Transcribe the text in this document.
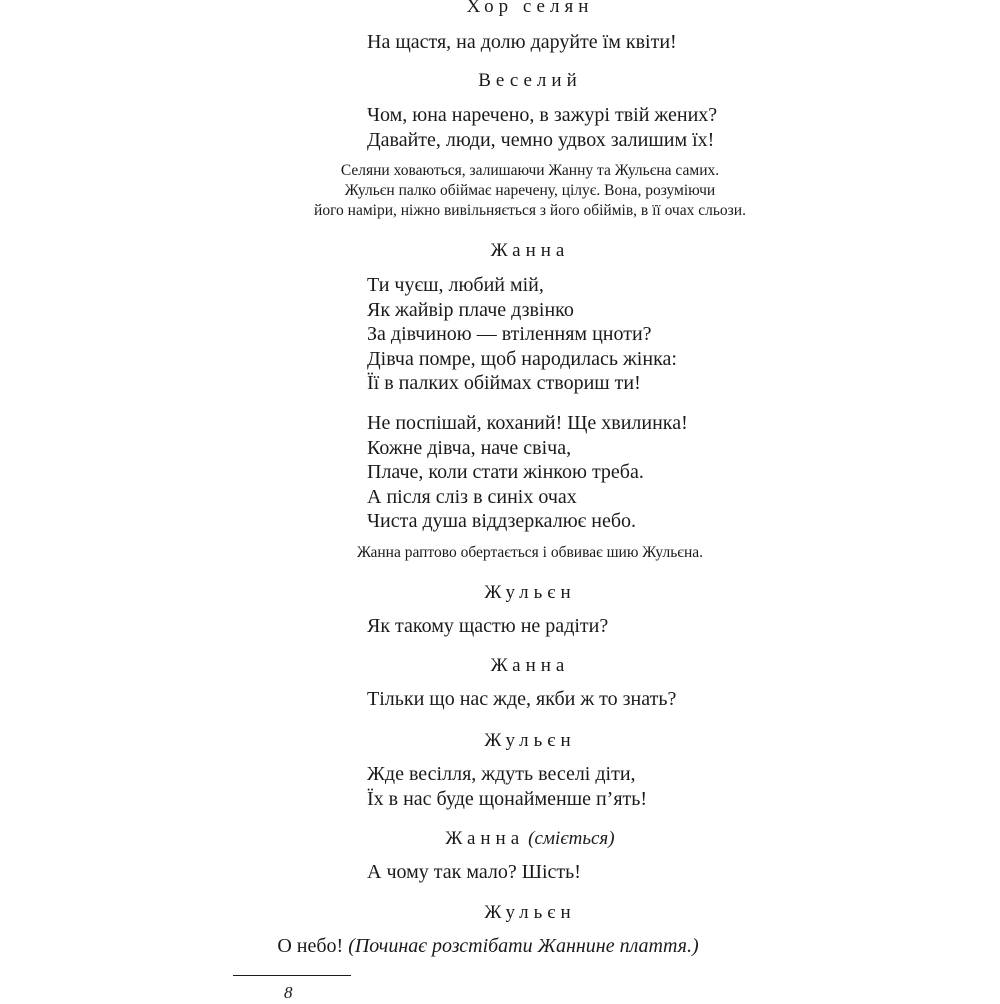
Хор селян
На щастя, на долю даруйте їм квіти!
Веселий
Чом, юна наречено, в зажурі твій жених?
Давайте, люди, чемно удвох залишим їх!
Селяни ховаються, залишаючи Жанну та Жульєна самих.
Жульєн палко обіймає наречену, цілує. Вона, розуміючи
його наміри, ніжно вивільняється з його обіймів, в її очах сльози.
Жанна
Ти чуєш, любий мій,
Як жайвір плаче дзвінко
За дівчиною — втіленням цноти?
Дівча помре, щоб народилась жінка:
Її в палких обіймах створиш ти!
Не поспішай, коханий! Ще хвилинка!
Кожне дівча, наче свіча,
Плаче, коли стати жінкою треба.
А після сліз в синіх очах
Чиста душа віддзеркалює небо.
Жанна раптово обертається і обвиває шию Жульєна.
Жульєн
Як такому щастю не радіти?
Жанна
Тільки що нас жде, якби ж то знать?
Жульєн
Жде весілля, ждуть веселі діти,
Їх в нас буде щонайменше п’ять!
Жанна (сміється)
А чому так мало? Шість!
Жульєн
О небо! (Починає розстібати Жаннине плаття.)
8
